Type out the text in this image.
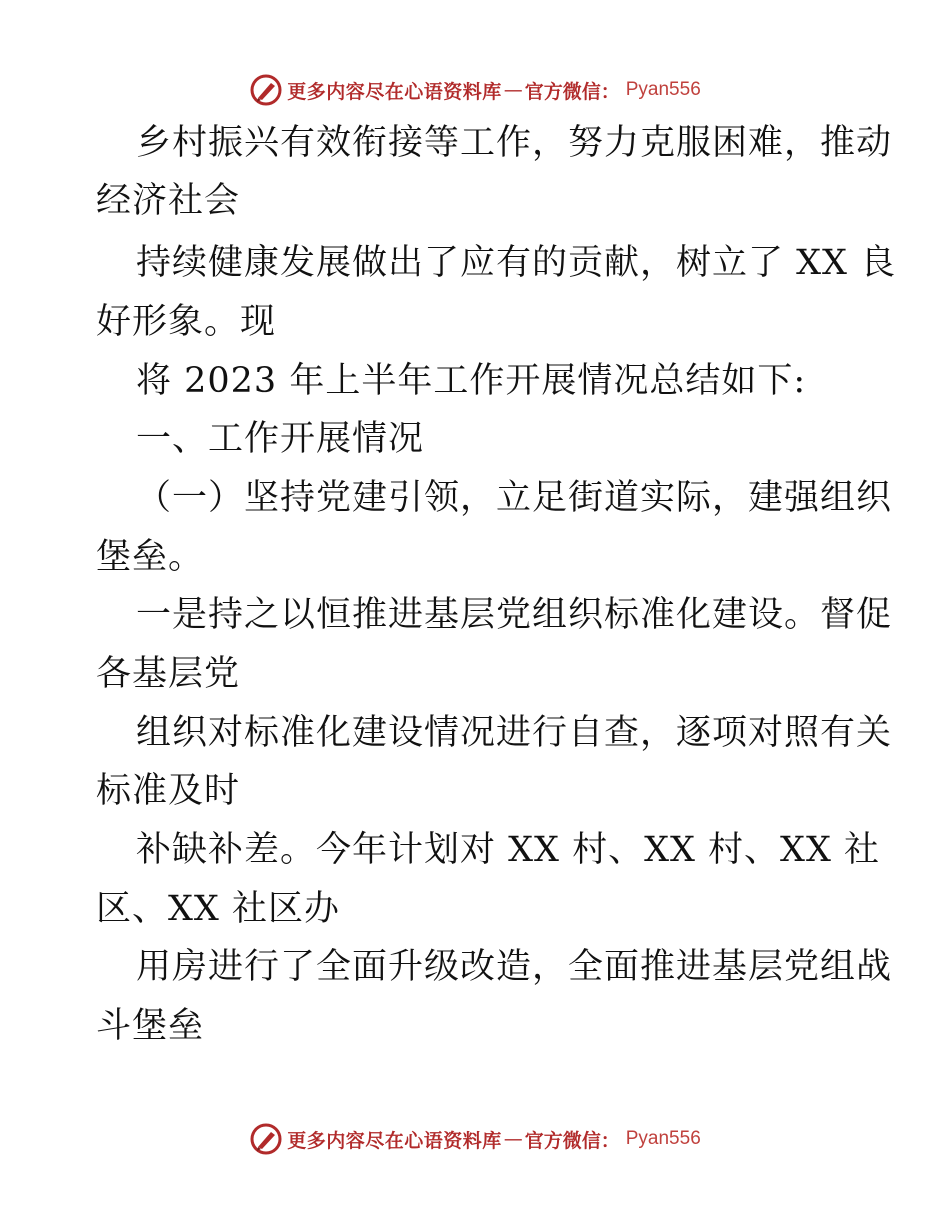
更多内容尽在心语资料库 — 官方微信： Pyan556
乡村振兴有效衔接等工作，努力克服困难，推动
经济社会
持续健康发展做出了应有的贡献，树立了 XX 良
好形象。现
将 2023 年上半年工作开展情况总结如下:
一、工作开展情况
（一）坚持党建引领，立足街道实际，建强组织
堡垒。
一是持之以恒推进基层党组织标准化建设。督促
各基层党
组织对标准化建设情况进行自查，逐项对照有关
标准及时
补缺补差。今年计划对 XX 村、XX 村、XX 社
区、XX 社区办
用房进行了全面升级改造，全面推进基层党组战
斗堡垒
更多内容尽在心语资料库 — 官方微信： Pyan556
